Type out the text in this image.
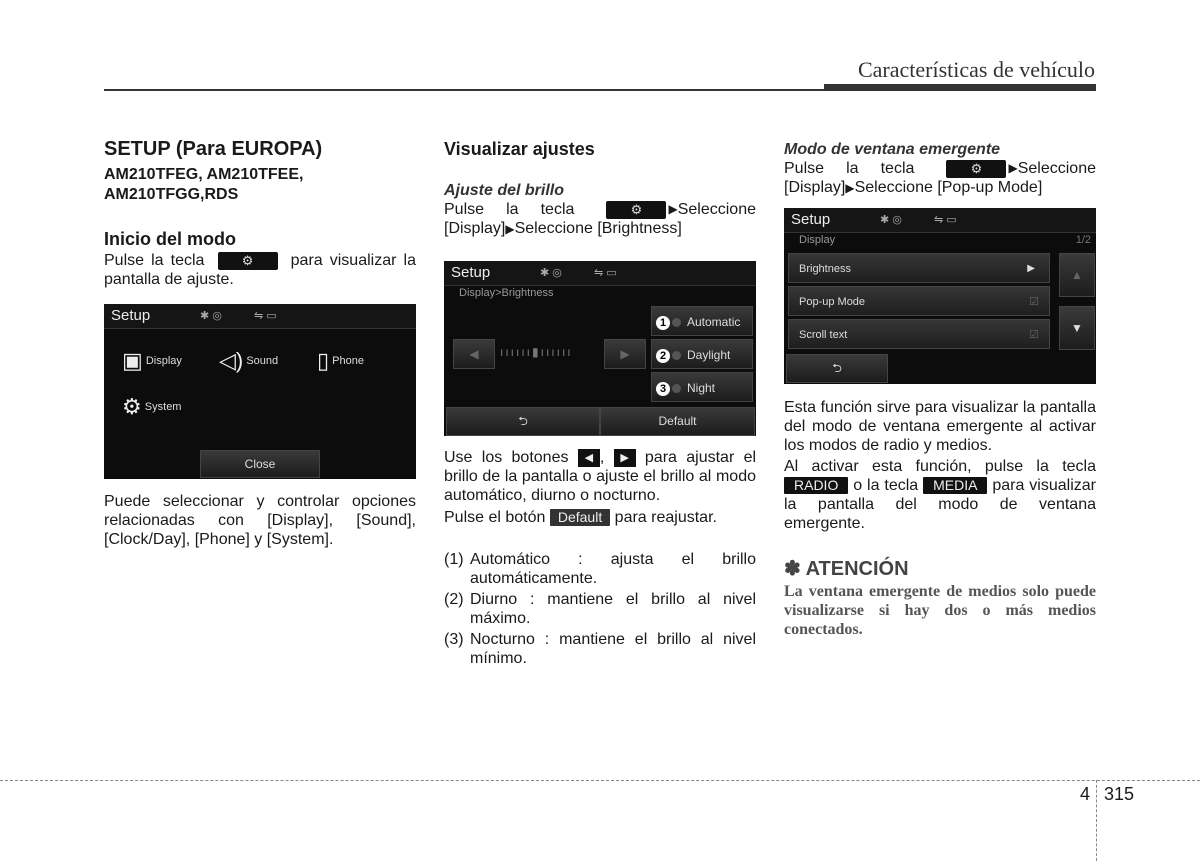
Características de vehículo
SETUP (Para EUROPA)
AM210TFEG, AM210TFEE,
AM210TFGG,RDS
Inicio del modo
Pulse la tecla	⚙ para visualizar la pantalla de ajuste.
Setup	✱ ◎	⇋ ▭
▣ Display ◁) Sound ▯ Phone
⚙ System
Close
Puede seleccionar y controlar opciones relacionadas con [Display], [Sound], [Clock/Day], [Phone] y [System].
Visualizar ajustes
Ajuste del brillo
Pulse la tecla	⚙ ▶Seleccione [Display]▶Seleccione [Brightness]
Setup	✱ ◎	⇋ ▭
Display>Brightness
◀	ıııııı▮ıııııı	▶
1 Automatic
2 Daylight
3 Night
⮌	Default
Use los botones ◀ , ▶ para ajustar el brillo de la pantalla o ajuste el brillo al modo automático, diurno o nocturno.
Pulse el botón Default para reajustar.
(1) Automático : ajusta el brillo automáticamente.
(2) Diurno : mantiene el brillo al nivel máximo.
(3) Nocturno : mantiene el brillo al nivel mínimo.
Modo de ventana emergente
Pulse la tecla	⚙ ▶Seleccione [Display]▶Seleccione [Pop-up Mode]
Setup	✱ ◎	⇋ ▭
Display	1/2
Brightness	▶
Pop-up Mode	☑
Scroll text	☑
▲
▼
⮌
Esta función sirve para visualizar la pantalla del modo de ventana emergente al activar los modos de radio y medios.
Al activar esta función, pulse la tecla RADIO o la tecla MEDIA para visualizar la pantalla del modo de ventana emergente.
✽ ATENCIÓN
La ventana emergente de medios solo puede visualizarse si hay dos o más medios conectados.
4 315
